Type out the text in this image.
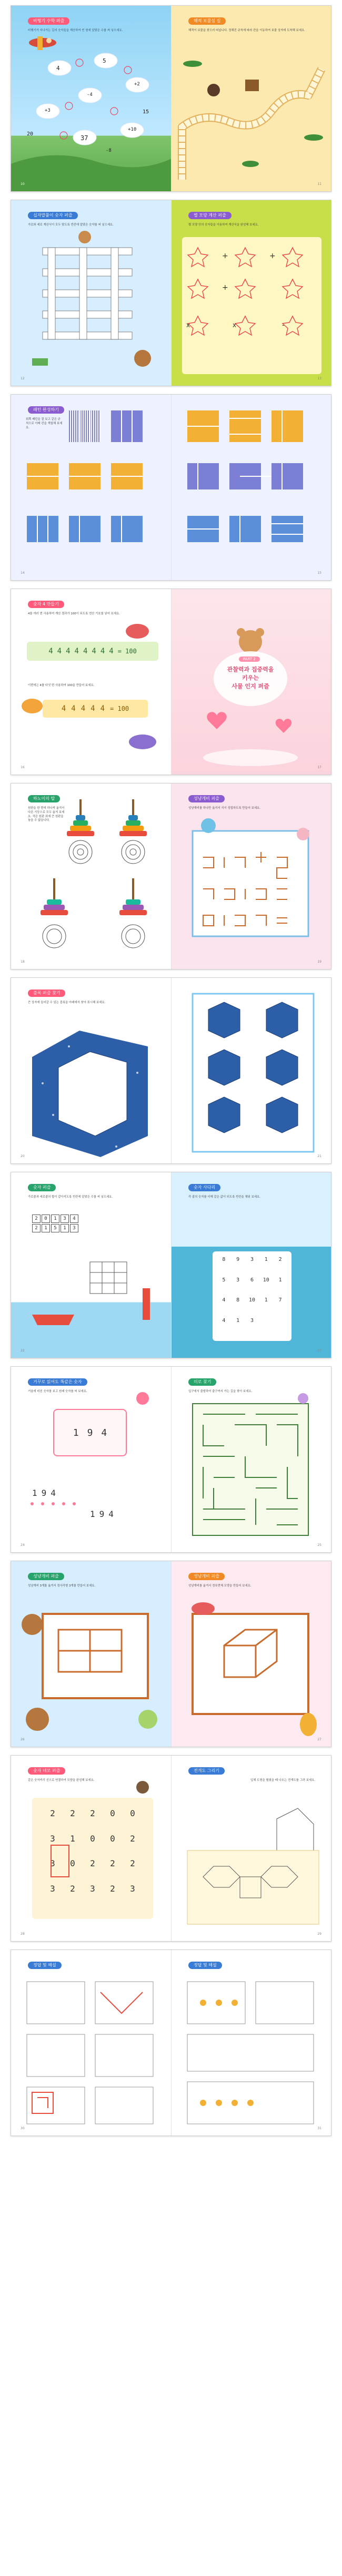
비행기 수학 퍼즐

비행기가 지나가는 길의 숫자들을 계산하여 빈 원에 알맞은 수를 써 넣으세요.

4
5
+2
-4
+3
20
37
+10
-8
15
10
해적 보물섬 길

해적이 보물을 찾으러 떠납니다. 정해진 규칙에 따라 칸을 이동하여 보물 상자에 도착해 보세요.

11
십자말풀이 숫자 퍼즐

가로와 세로 계산식이 모두 맞도록 빈칸에 알맞은 숫자를 써 넣으세요.

12
별 모양 계산 퍼즐

별 모양 안의 숫자들을 이용하여 계산식을 완성해 보세요.

+	+
+
x	x	-
13
패턴 완성하기

위쪽 패턴을 잘 보고 같은 규칙으로 아래 칸을 색칠해 보세요.

14	15
숫자 4 만들기

4를 여러 번 사용하여 계산 결과가 100이 되도록 연산 기호를 넣어 보세요.

4 4 4 4 4 4 4 4 = 100

이번에는 4를 다섯 번 사용하여 100을 만들어 보세요.

4 4 4 4 4 = 100
16
PART 2
관찰력과 집중력을
키우는
사물 인지 퍼즐
17
하노이의 탑

원판을 한 번에 하나씩 옮겨서 다른 기둥으로 모두 옮겨 보세요. 작은 원판 위에 큰 원판을 놓을 수 없습니다.

18
성냥개비 퍼즐

성냥개비를 하나만 옮겨서 식이 성립하도록 만들어 보세요.

19
블록 퍼즐 찾기

큰 상자에 들어갈 수 있는 블록을 아래에서 찾아 표시해 보세요.

20	21
숫자 퍼즐

가로줄과 세로줄의 합이 같아지도록 빈칸에 알맞은 수를 써 넣으세요.

2	0	1	3	4
2	1	5	1	3
22
숫자 사다리

각 줄의 숫자를 더해 같은 값이 되도록 빈칸을 채워 보세요.

8	9	3	1	2
5	3	6	10	1
4	8	10	1	7
4	1	3
23
거꾸로 읽어도 똑같은 숫자

거울에 비친 숫자를 보고 원래 숫자를 써 보세요.

1 9 4
1 9 4
1 9 4
24
미로 찾기

입구에서 출발하여 출구까지 가는 길을 찾아 보세요.

25
성냥개비 퍼즐

성냥개비 3개를 옮겨서 정사각형 3개를 만들어 보세요.

26
성냥개비 퍼즐

성냥개비를 옮겨서 정육면체 모양을 만들어 보세요.

27
숫자 네모 퍼즐

같은 숫자끼리 선으로 연결하여 모양을 완성해 보세요.

2	2	2	0	0
3	1	0	0	2
3	0	2	2	2
3	2	3	2	3
28
전개도 그리기

입체 도형을 펼쳤을 때 나오는 전개도를 그려 보세요.

29
정답 및 해설
30
정답 및 해설
31
